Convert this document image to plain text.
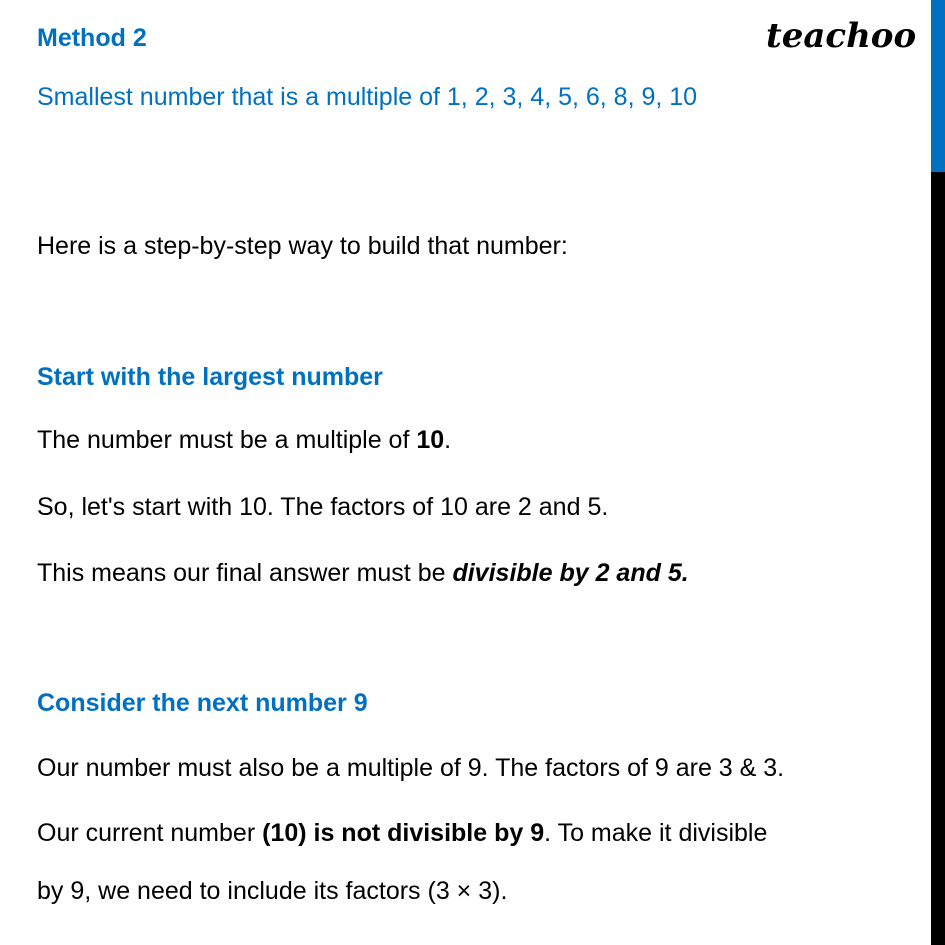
teachoo
Method 2
Smallest number that is a multiple of 1, 2, 3, 4, 5, 6, 8, 9, 10
Here is a step-by-step way to build that number:
Start with the largest number
The number must be a multiple of 10.
So, let's start with 10. The factors of 10 are 2 and 5.
This means our final answer must be divisible by 2 and 5.
Consider the next number 9
Our number must also be a multiple of 9. The factors of 9 are 3 & 3.
Our current number (10) is not divisible by 9. To make it divisible
by 9, we need to include its factors (3 × 3).
